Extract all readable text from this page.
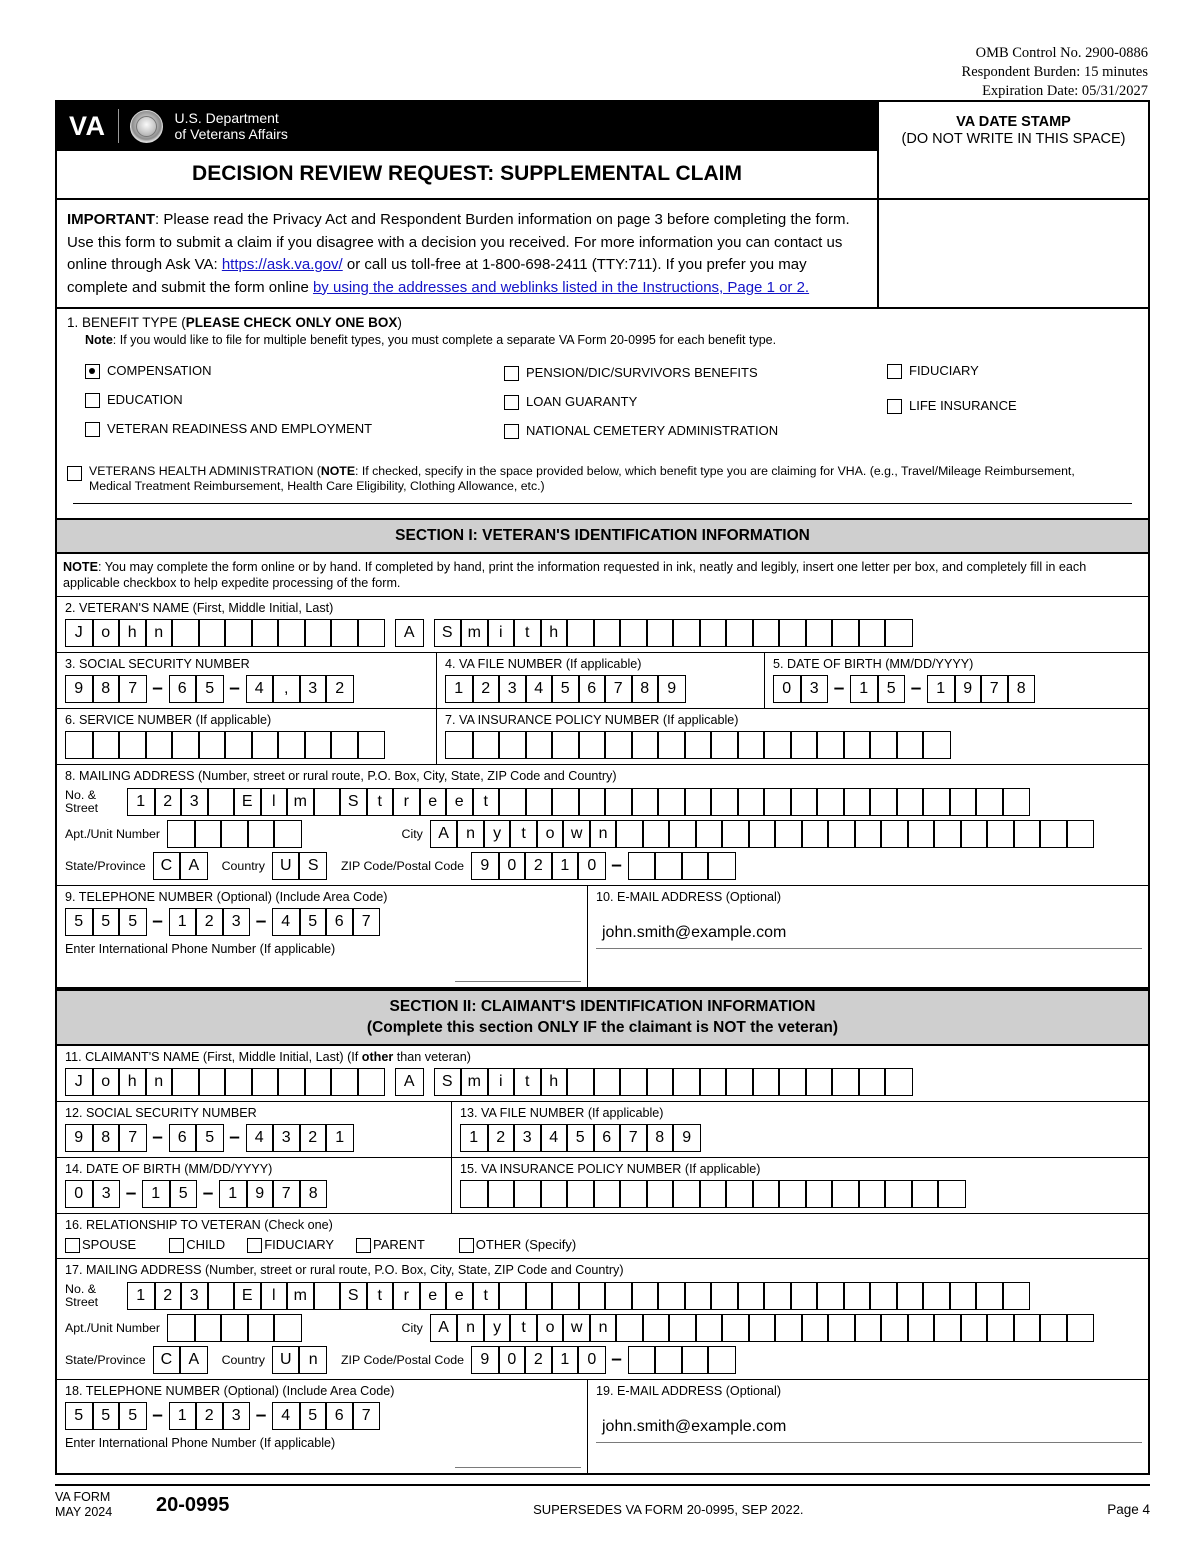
OMB Control No. 2900-0886
Respondent Burden: 15 minutes
Expiration Date: 05/31/2027
VA	U.S. Department
of Veterans Affairs
DECISION REVIEW REQUEST: SUPPLEMENTAL CLAIM
VA DATE STAMP
(DO NOT WRITE IN THIS SPACE)
IMPORTANT: Please read the Privacy Act and Respondent Burden information on page 3 before completing the form. Use this form to submit a claim if you disagree with a decision you received. For more information you can contact us online through Ask VA: https://ask.va.gov/ or call us toll-free at 1-800-698-2411 (TTY:711). If you prefer you may complete and submit the form online by using the addresses and weblinks listed in the Instructions, Page 1 or 2.
1. BENEFIT TYPE (PLEASE CHECK ONLY ONE BOX)
Note: If you would like to file for multiple benefit types, you must complete a separate VA Form 20-0995 for each benefit type.
COMPENSATION
EDUCATION
VETERAN READINESS AND EMPLOYMENT
PENSION/DIC/SURVIVORS BENEFITS
LOAN GUARANTY
NATIONAL CEMETERY ADMINISTRATION
FIDUCIARY
LIFE INSURANCE
VETERANS HEALTH ADMINISTRATION (NOTE: If checked, specify in the space provided below, which benefit type you are claiming for VHA. (e.g., Travel/Mileage Reimbursement, Medical Treatment Reimbursement, Health Care Eligibility, Clothing Allowance, etc.)
SECTION I: VETERAN'S IDENTIFICATION INFORMATION
NOTE: You may complete the form online or by hand. If completed by hand, print the information requested in ink, neatly and legibly, insert one letter per box, and completely fill in each applicable checkbox to help expedite processing of the form.
2. VETERAN'S NAME (First, Middle Initial, Last)
J	o	h	n	A	S m	i	t	h
3. SOCIAL SECURITY NUMBER
9	8	7 – 6	5 – 4	,	3	2
4. VA FILE NUMBER (If applicable)
1	2	3	4	5	6	7	8	9
5. DATE OF BIRTH (MM/DD/YYYY)
0	3 – 1	5 – 1	9	7	8
6. SERVICE NUMBER (If applicable)	7. VA INSURANCE POLICY NUMBER (If applicable)
8. MAILING ADDRESS (Number, street or rural route, P.O. Box, City, State, ZIP Code and Country)
No. &
Street	1	2	3	E	l	m	S	t	r	e	e	t
Apt./Unit Number	City A	n	y	t	o	w	n
State/Province C	A	Country U	S	ZIP Code/Postal Code	9	0	2	1	0 –
9. TELEPHONE NUMBER (Optional) (Include Area Code)
5	5	5 – 1	2	3 – 4	5	6	7
Enter International Phone Number (If applicable)
10. E-MAIL ADDRESS (Optional)
john.smith@example.com
SECTION II: CLAIMANT'S IDENTIFICATION INFORMATION
(Complete this section ONLY IF the claimant is NOT the veteran)
11. CLAIMANT'S NAME (First, Middle Initial, Last) (If other than veteran)
J	o	h	n	A	S m	i	t	h
12. SOCIAL SECURITY NUMBER
9	8	7 – 6	5 – 4	3	2	1
13. VA FILE NUMBER (If applicable)
1	2	3	4	5	6	7	8	9
14. DATE OF BIRTH (MM/DD/YYYY)
0	3 – 1	5 – 1	9	7	8
15. VA INSURANCE POLICY NUMBER (If applicable)
16. RELATIONSHIP TO VETERAN (Check one)
SPOUSE	CHILD	FIDUCIARY	PARENT	OTHER (Specify)
17. MAILING ADDRESS (Number, street or rural route, P.O. Box, City, State, ZIP Code and Country)
No. &
Street	1	2	3	E	l	m	S	t	r	e	e	t
Apt./Unit Number	City A	n	y	t	o	w	n
State/Province C	A	Country U	n	ZIP Code/Postal Code	9	0	2	1	0 –
18. TELEPHONE NUMBER (Optional) (Include Area Code)
5	5	5 – 1	2	3 – 4	5	6	7
Enter International Phone Number (If applicable)
19. E-MAIL ADDRESS (Optional)
john.smith@example.com
VA FORM
MAY 2024	20-0995	SUPERSEDES VA FORM 20-0995, SEP 2022.	Page 4
